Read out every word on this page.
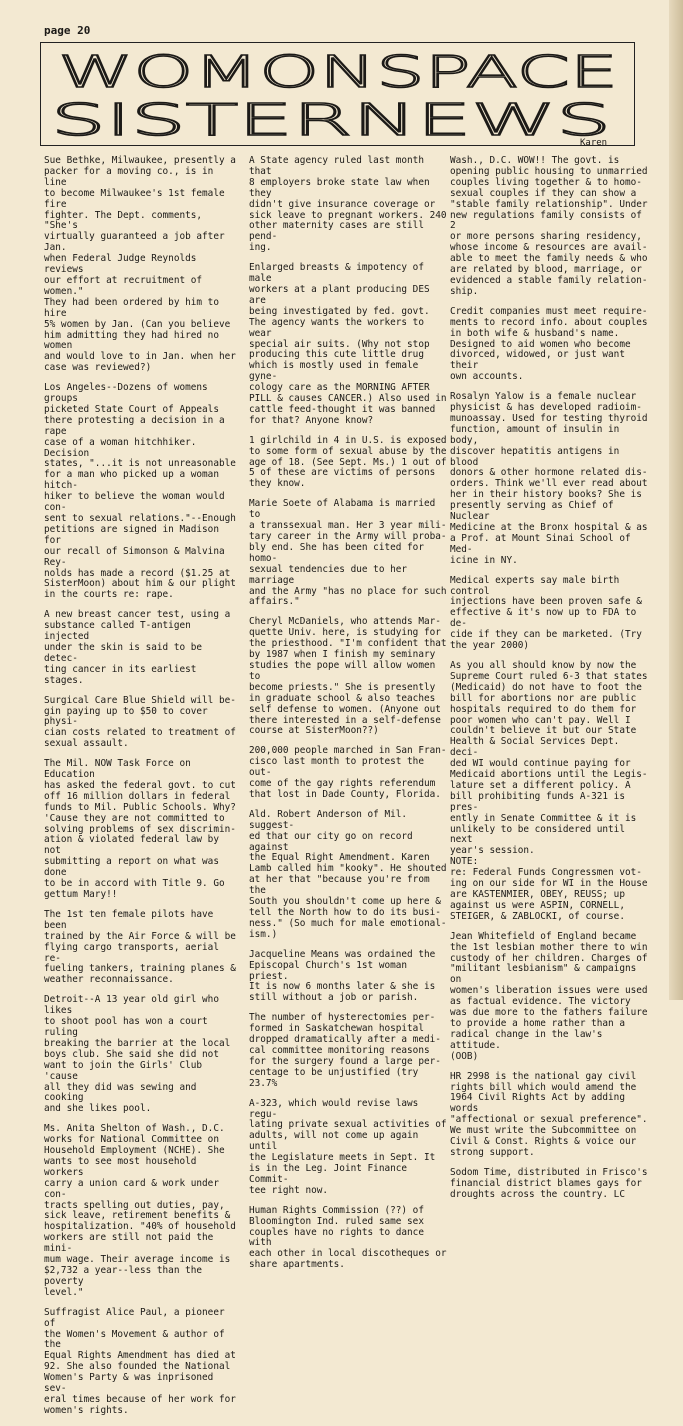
page 20
WOMONSPACE
SISTERNEWS
Karen

Sue Bethke, Milwaukee, presently a
packer for a moving co., is in line
to become Milwaukee's 1st female fire
fighter. The Dept. comments, "She's
virtually guaranteed a job after Jan.
when Federal Judge Reynolds reviews
our effort at recruitment of women."
They had been ordered by him to hire
5% women by Jan. (Can you believe
him admitting they had hired no women
and would love to in Jan. when her
case was reviewed?)

Los Angeles--Dozens of womens groups
picketed State Court of Appeals
there protesting a decision in a rape
case of a woman hitchhiker. Decision
states, "...it is not unreasonable
for a man who picked up a woman hitch-
hiker to believe the woman would con-
sent to sexual relations."--Enough
petitions are signed in Madison for
our recall of Simonson & Malvina Rey-
nolds has made a record ($1.25 at
SisterMoon) about him & our plight
in the courts re: rape.

A new breast cancer test, using a
substance called T-antigen injected
under the skin is said to be detec-
ting cancer in its earliest stages.

Surgical Care Blue Shield will be-
gin paying up to $50 to cover physi-
cian costs related to treatment of
sexual assault.

The Mil. NOW Task Force on Education
has asked the federal govt. to cut
off 16 million dollars in federal
funds to Mil. Public Schools. Why?
'Cause they are not committed to
solving problems of sex discrimin-
ation & violated federal law by not
submitting a report on what was done
to be in accord with Title 9. Go
gettum Mary!!

The 1st ten female pilots have been
trained by the Air Force & will be
flying cargo transports, aerial re-
fueling tankers, training planes &
weather reconnaissance.

Detroit--A 13 year old girl who likes
to shoot pool has won a court ruling
breaking the barrier at the local
boys club. She said she did not
want to join the Girls' Club 'cause
all they did was sewing and cooking
and she likes pool.

Ms. Anita Shelton of Wash., D.C.
works for National Committee on
Household Employment (NCHE). She
wants to see most household workers
carry a union card & work under con-
tracts spelling out duties, pay,
sick leave, retirement benefits &
hospitalization. "40% of household
workers are still not paid the mini-
mum wage. Their average income is
$2,732 a year--less than the poverty
level."

Suffragist Alice Paul, a pioneer of
the Women's Movement & author of the
Equal Rights Amendment has died at
92. She also founded the National
Women's Party & was inprisoned sev-
eral times because of her work for
women's rights.

A State agency ruled last month that
8 employers broke state law when they
didn't give insurance coverage or
sick leave to pregnant workers. 240
other maternity cases are still pend-
ing.

Enlarged breasts & impotency of male
workers at a plant producing DES are
being investigated by fed. govt.
The agency wants the workers to wear
special air suits. (Why not stop
producing this cute little drug
which is mostly used in female gyne-
cology care as the MORNING AFTER
PILL & causes CANCER.) Also used in
cattle feed-thought it was banned
for that? Anyone know?

1 girlchild in 4 in U.S. is exposed
to some form of sexual abuse by the
age of 18. (See Sept. Ms.) 1 out of
5 of these are victims of persons
they know.

Marie Soete of Alabama is married to
a transsexual man. Her 3 year mili-
tary career in the Army will proba-
bly end. She has been cited for homo-
sexual tendencies due to her marriage
and the Army "has no place for such
affairs."

Cheryl McDaniels, who attends Mar-
quette Univ. here, is studying for
the priesthood. "I'm confident that
by 1987 when I finish my seminary
studies the pope will allow women to
become priests." She is presently
in graduate school & also teaches
self defense to women. (Anyone out
there interested in a self-defense
course at SisterMoon??)

200,000 people marched in San Fran-
cisco last month to protest the out-
come of the gay rights referendum
that lost in Dade County, Florida.

Ald. Robert Anderson of Mil. suggest-
ed that our city go on record against
the Equal Right Amendment. Karen
Lamb called him "kooky". He shouted
at her that "because you're from the
South you shouldn't come up here &
tell the North how to do its busi-
ness." (So much for male emotional-
ism.)

Jacqueline Means was ordained the
Episcopal Church's 1st woman priest.
It is now 6 months later & she is
still without a job or parish.

The number of hysterectomies per-
formed in Saskatchewan hospital
dropped dramatically after a medi-
cal committee monitoring reasons
for the surgery found a large per-
centage to be unjustified (try 23.7%

A-323, which would revise laws regu-
lating private sexual activities of
adults, will not come up again until
the Legislature meets in Sept. It
is in the Leg. Joint Finance Commit-
tee right now.

Human Rights Commission (??) of
Bloomington Ind. ruled same sex
couples have no rights to dance with
each other in local discotheques or
share apartments.

Wash., D.C. WOW!! The govt. is
opening public housing to unmarried
couples living together & to homo-
sexual couples if they can show a
"stable family relationship". Under
new regulations family consists of 2
or more persons sharing residency,
whose income & resources are avail-
able to meet the family needs & who
are related by blood, marriage, or
evidenced a stable family relation-
ship.

Credit companies must meet require-
ments to record info. about couples
in both wife & husband's name.
Designed to aid women who become
divorced, widowed, or just want their
own accounts.

Rosalyn Yalow is a female nuclear
physicist & has developed radioim-
munoassay. Used for testing thyroid
function, amount of insulin in body,
discover hepatitis antigens in blood
donors & other hormone related dis-
orders. Think we'll ever read about
her in their history books? She is
presently serving as Chief of Nuclear
Medicine at the Bronx hospital & as
a Prof. at Mount Sinai School of Med-
icine in NY.

Medical experts say male birth control
injections have been proven safe &
effective & it's now up to FDA to de-
cide if they can be marketed. (Try
the year 2000)

As you all should know by now the
Supreme Court ruled 6-3 that states
(Medicaid) do not have to foot the
bill for abortions nor are public
hospitals required to do them for
poor women who can't pay. Well I
couldn't believe it but our State
Health & Social Services Dept. deci-
ded WI would continue paying for
Medicaid abortions until the Legis-
lature set a different policy. A
bill prohibiting funds A-321 is pres-
ently in Senate Committee & it is
unlikely to be considered until next
year's session.
NOTE:
re: Federal Funds Congressmen vot-
ing on our side for WI in the House
are KASTENMIER, OBEY, REUSS; up
against us were ASPIN, CORNELL,
STEIGER, & ZABLOCKI, of course.

Jean Whitefield of England became
the 1st lesbian mother there to win
custody of her children. Charges of
"militant lesbianism" & campaigns on
women's liberation issues were used
as factual evidence. The victory
was due more to the fathers failure
to provide a home rather than a
radical change in the law's attitude.
(OOB)

HR 2998 is the national gay civil
rights bill which would amend the
1964 Civil Rights Act by adding words
"affectional or sexual preference".
We must write the Subcommittee on
Civil & Const. Rights & voice our
strong support.

Sodom Time, distributed in Frisco's
financial district blames gays for
droughts across the country. LC
